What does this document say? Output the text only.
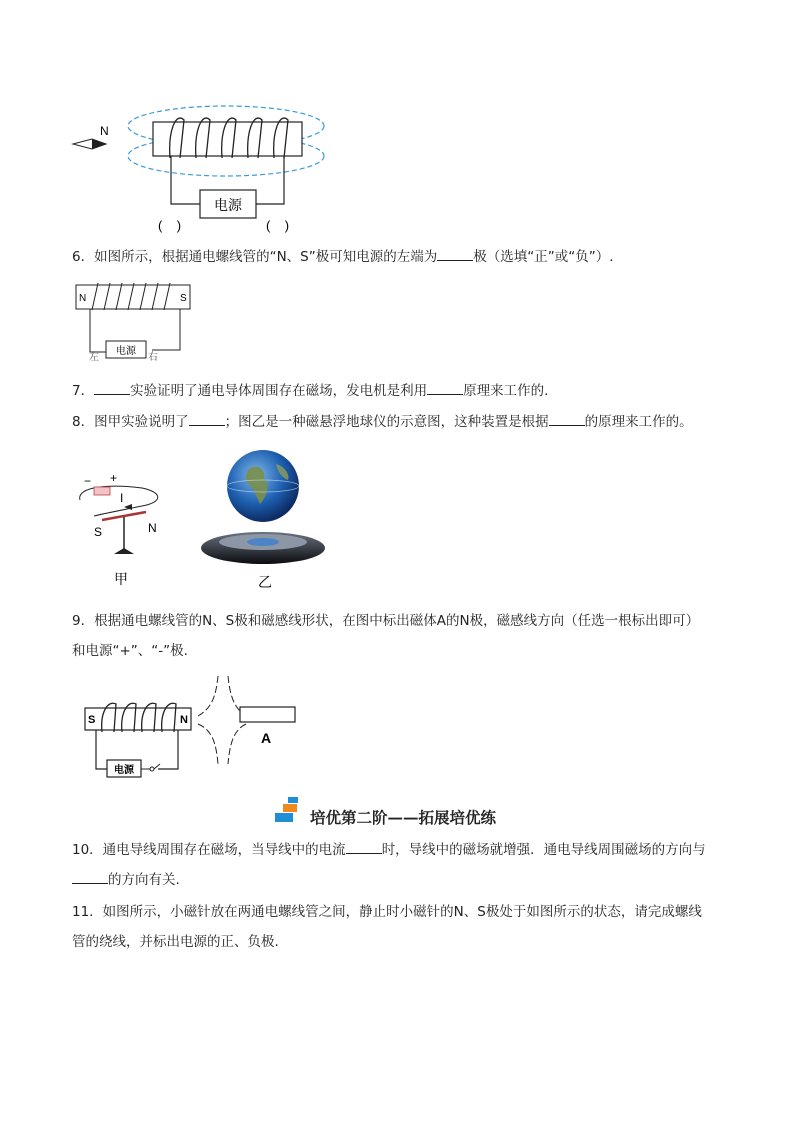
电源
N
(    )	(    )
6．如图所示，根据通电螺线管的“N、S”极可知电源的左端为	极（选填“正”或“负”）.
N	S
电源
左	右
7．	实验证明了通电导体周围存在磁场，发电机是利用	原理来工作的.
8．图甲实验说明了	；图乙是一种磁悬浮地球仪的示意图，这种装置是根据	的原理来工作的。
− +
I
S	N
甲	乙
9．根据通电螺线管的N、S极和磁感线形状，在图中标出磁体A的N极，磁感线方向（任选一根标出即可）
和电源“+”、“-”极.
S	N
电源
A
培优第二阶——拓展培优练
10．通电导线周围存在磁场，当导线中的电流	时，导线中的磁场就增强．通电导线周围磁场的方向与
的方向有关.
11．如图所示，小磁针放在两通电螺线管之间，静止时小磁针的N、S极处于如图所示的状态，请完成螺线
管的绕线，并标出电源的正、负极.
